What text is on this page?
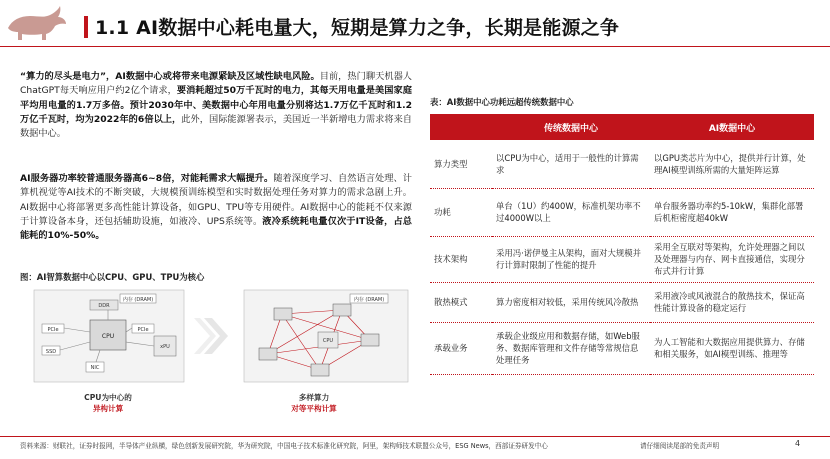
1.1 AI数据中心耗电量大，短期是算力之争，长期是能源之争
“算力的尽头是电力”，AI数据中心或将带来电源紧缺及区域性缺电风险。目前，热门聊天机器人ChatGPT每天响应用户约2亿个请求，要消耗超过50万千瓦时的电力，其每天用电量是美国家庭平均用电量的1.7万多倍。预计2030年中、美数据中心年用电量分别将达1.7万亿千瓦时和1.2万亿千瓦时，均为2022年的6倍以上，此外，国际能源署表示，美国近一半新增电力需求将来自数据中心。
AI服务器功率较普通服务器高6~8倍，对能耗需求大幅提升。随着深度学习、自然语言处理、计算机视觉等AI技术的不断突破，大规模预训练模型和实时数据处理任务对算力的需求急剧上升。AI数据中心将部署更多高性能计算设备，如GPU、TPU等专用硬件。AI数据中心的能耗不仅来源于计算设备本身，还包括辅助设施，如液冷、UPS系统等。液冷系统耗电量仅次于IT设备，占总能耗的10%-50%。
图：AI智算数据中心以CPU、GPU、TPU为核心
DDR
内存 (DRAM)
CPU
PCIe
SSD
NIC
PCIe
xPU
内存 (DRAM)
CPU
CPU为中心的
异构计算
多样算力
对等平构计算
表：AI数据中心功耗远超传统数据中心
	传统数据中心	AI数据中心
算力类型	以CPU为中心，适用于一般性的计算需求	以GPU类芯片为中心，提供并行计算，处理AI模型训练所需的大量矩阵运算
功耗	单台（1U）约400W，标准机架功率不过4000W以上	单台服务器功率约5-10kW，集群化部署后机柜密度超40kW
技术架构	采用冯·诺伊曼主从架构，面对大规模并行计算时限制了性能的提升	采用全互联对等架构，允许处理器之间以及处理器与内存、网卡直接通信，实现分布式并行计算
散热模式	算力密度相对较低，采用传统风冷散热	采用液冷或风液混合的散热技术，保证高性能计算设备的稳定运行
承载业务	承载企业级应用和数据存储，如Web服务、数据库管理和文件存储等常规信息处理任务	为人工智能和大数据应用提供算力、存储和相关服务，如AI模型训练、推理等
资料来源：财联社，证券时报网，半导体产业纵横，绿色创新发展研究院，华为研究院，中国电子技术标准化研究院，阿里，架构师技术联盟公众号，ESG News，西部证券研发中心	请仔细阅读尾部的免责声明	4
